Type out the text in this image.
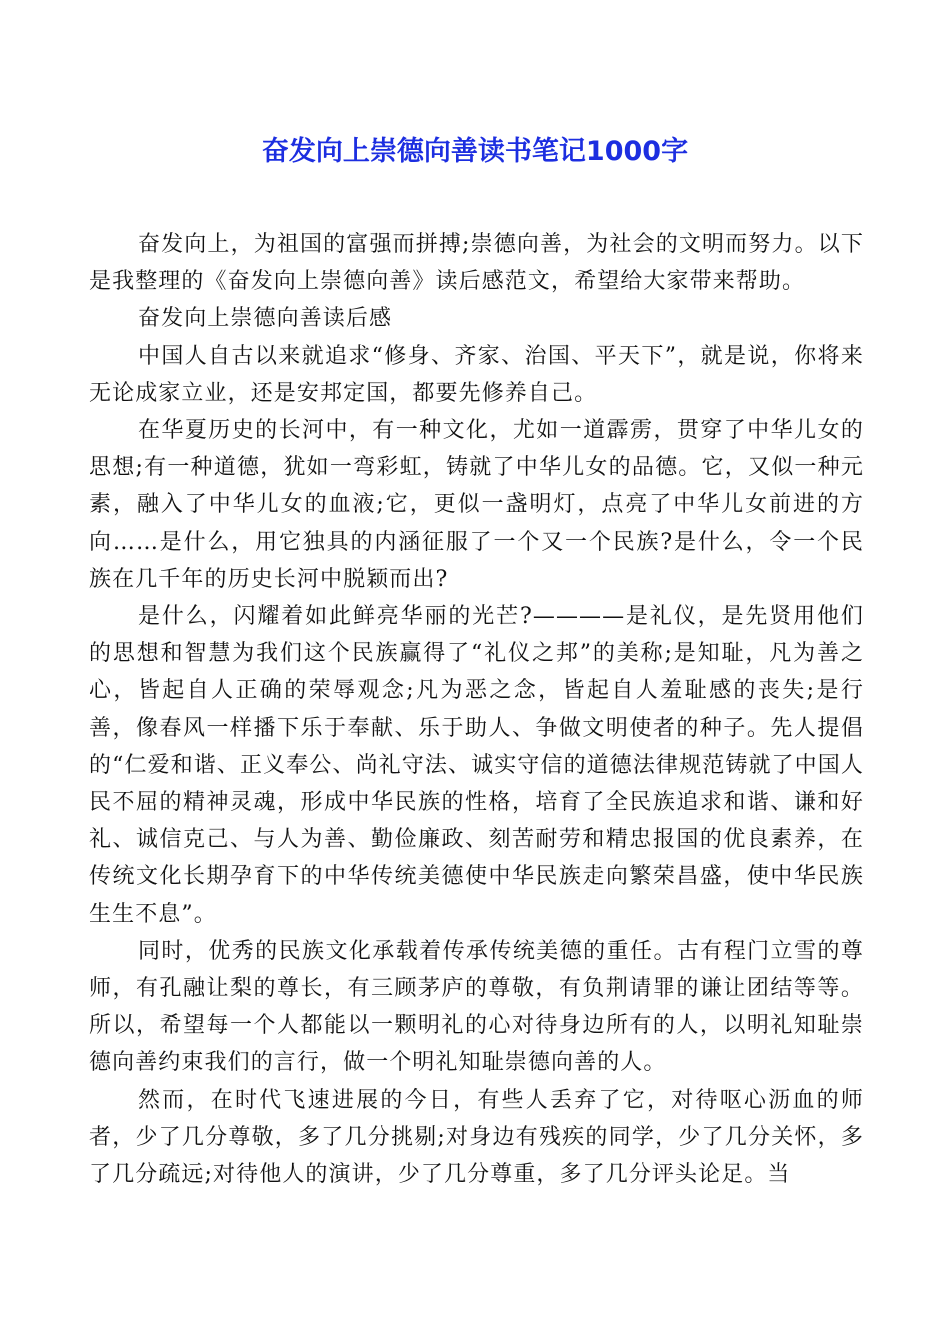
奋发向上崇德向善读书笔记1000字

奋发向上，为祖国的富强而拼搏;崇德向善，为社会的文明而努力。以下是我整理的《奋发向上崇德向善》读后感范文，希望给大家带来帮助。

奋发向上崇德向善读后感

中国人自古以来就追求“修身、齐家、治国、平天下”，就是说，你将来无论成家立业，还是安邦定国，都要先修养自己。

在华夏历史的长河中，有一种文化，尤如一道霹雳，贯穿了中华儿女的思想;有一种道德，犹如一弯彩虹，铸就了中华儿女的品德。它，又似一种元素，融入了中华儿女的血液;它，更似一盏明灯，点亮了中华儿女前进的方向……是什么，用它独具的内涵征服了一个又一个民族?是什么，令一个民族在几千年的历史长河中脱颖而出?

是什么，闪耀着如此鲜亮华丽的光芒?————是礼仪，是先贤用他们的思想和智慧为我们这个民族赢得了“礼仪之邦”的美称;是知耻，凡为善之心，皆起自人正确的荣辱观念;凡为恶之念，皆起自人羞耻感的丧失;是行善，像春风一样播下乐于奉献、乐于助人、争做文明使者的种子。先人提倡的“仁爱和谐、正义奉公、尚礼守法、诚实守信的道德法律规范铸就了中国人民不屈的精神灵魂，形成中华民族的性格，培育了全民族追求和谐、谦和好礼、诚信克己、与人为善、勤俭廉政、刻苦耐劳和精忠报国的优良素养，在传统文化长期孕育下的中华传统美德使中华民族走向繁荣昌盛，使中华民族生生不息”。

同时，优秀的民族文化承载着传承传统美德的重任。古有程门立雪的尊师，有孔融让梨的尊长，有三顾茅庐的尊敬，有负荆请罪的谦让团结等等。所以，希望每一个人都能以一颗明礼的心对待身边所有的人，以明礼知耻崇德向善约束我们的言行，做一个明礼知耻崇德向善的人。

然而，在时代飞速进展的今日，有些人丢弃了它，对待呕心沥血的师者，少了几分尊敬，多了几分挑剔;对身边有残疾的同学，少了几分关怀，多了几分疏远;对待他人的演讲，少了几分尊重，多了几分评头论足。当
